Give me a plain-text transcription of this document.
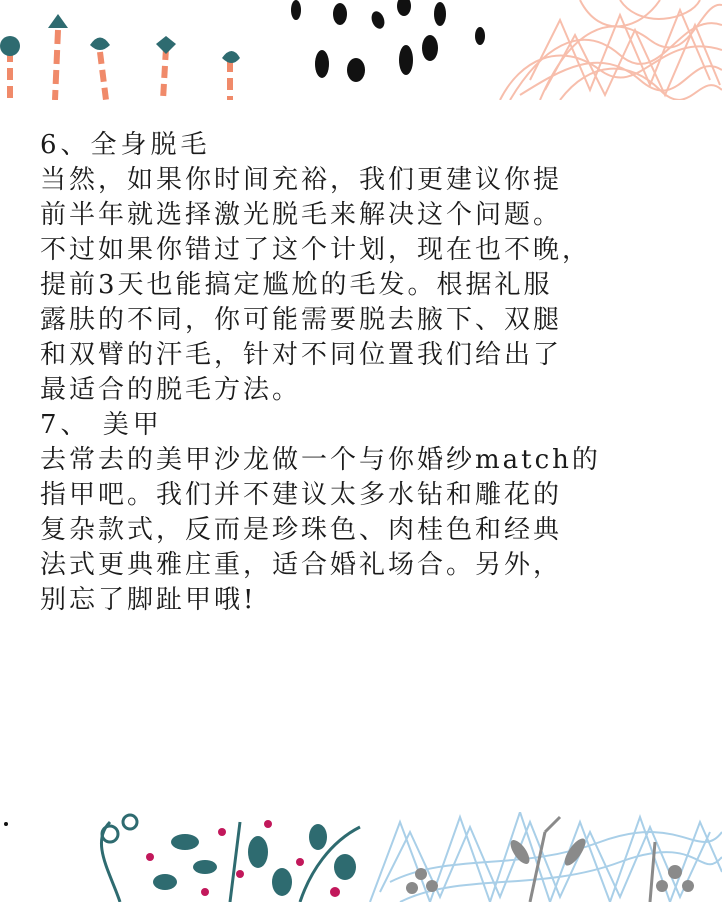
6、全身脱毛
当然，如果你时间充裕，我们更建议你提
前半年就选择激光脱毛来解决这个问题。
不过如果你错过了这个计划，现在也不晚，
提前3天也能搞定尴尬的毛发。根据礼服
露肤的不同，你可能需要脱去腋下、双腿
和双臂的汗毛，针对不同位置我们给出了
最适合的脱毛方法。
7、 美甲
去常去的美甲沙龙做一个与你婚纱match的
指甲吧。我们并不建议太多水钻和雕花的
复杂款式，反而是珍珠色、肉桂色和经典
法式更典雅庄重，适合婚礼场合。另外，
别忘了脚趾甲哦!
